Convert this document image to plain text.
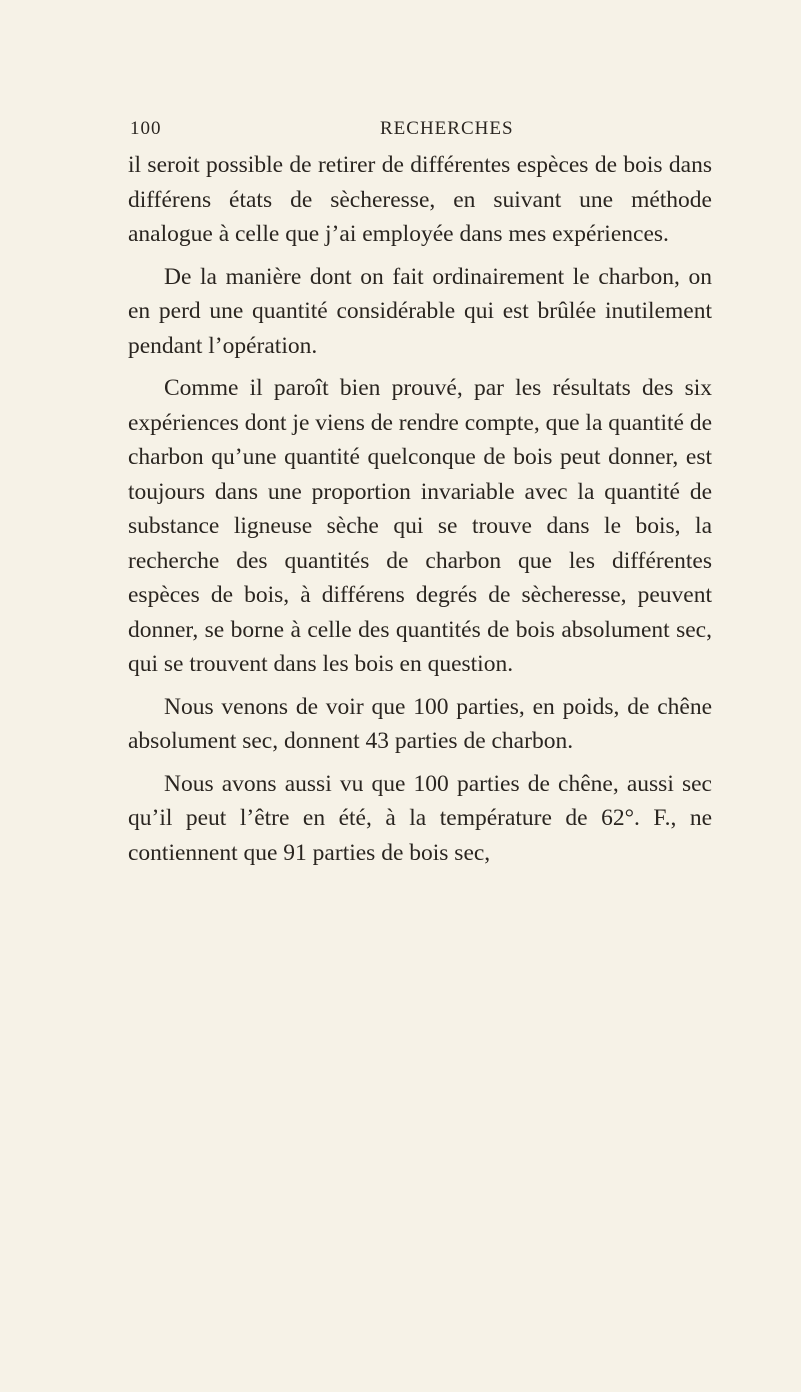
100	RECHERCHES

il seroit possible de retirer de différentes espèces de bois dans différens états de sècheresse, en suivant une méthode analogue à celle que j’ai employée dans mes expériences.

De la manière dont on fait ordinairement le charbon, on en perd une quantité considérable qui est brûlée inutilement pendant l’opération.

Comme il paroît bien prouvé, par les résultats des six expériences dont je viens de rendre compte, que la quantité de charbon qu’une quantité quelconque de bois peut donner, est toujours dans une proportion invariable avec la quantité de substance ligneuse sèche qui se trouve dans le bois, la recherche des quantités de charbon que les différentes espèces de bois, à différens degrés de sècheresse, peuvent donner, se borne à celle des quantités de bois absolument sec, qui se trouvent dans les bois en question.

Nous venons de voir que 100 parties, en poids, de chêne absolument sec, donnent 43 parties de charbon.

Nous avons aussi vu que 100 parties de chêne, aussi sec qu’il peut l’être en été, à la température de 62°. F., ne contiennent que 91 parties de bois sec,
